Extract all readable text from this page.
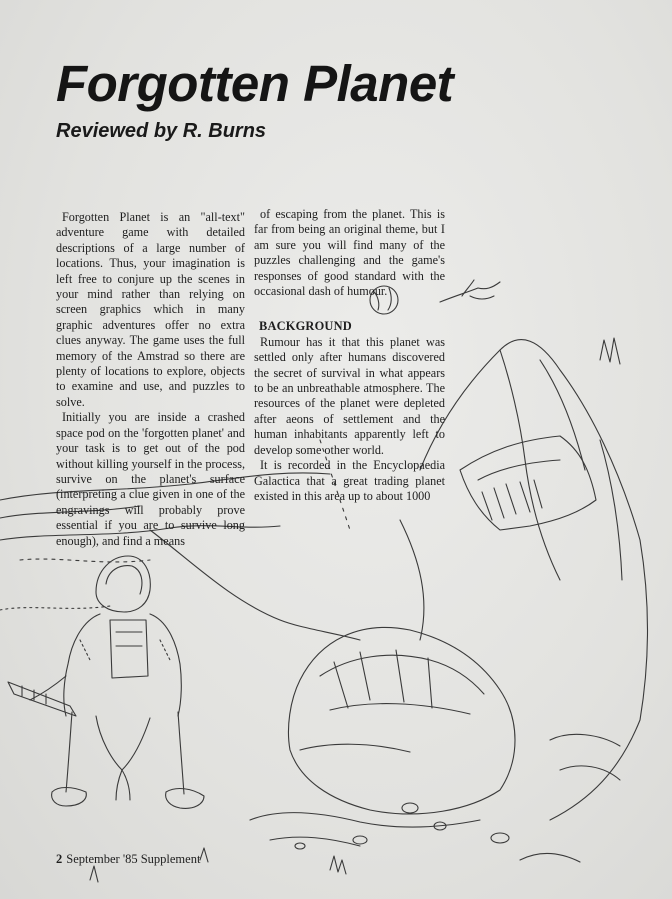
Forgotten Planet
Reviewed by R. Burns

Forgotten Planet is an "all-text" adventure game with detailed descriptions of a large number of locations. Thus, your imagination is left free to conjure up the scenes in your mind rather than relying on screen graphics which in many graphic adventures offer no extra clues anyway. The game uses the full memory of the Amstrad so there are plenty of locations to explore, objects to examine and use, and puzzles to solve.

Initially you are inside a crashed space pod on the 'forgotten planet' and your task is to get out of the pod without killing yourself in the process, survive on the planet's surface (interpreting a clue given in one of the engravings will probably prove essential if you are to survive long enough), and find a means

of escaping from the planet. This is far from being an original theme, but I am sure you will find many of the puzzles challenging and the game's responses of good standard with the occasional dash of humour.

BACKGROUND

Rumour has it that this planet was settled only after humans discovered the secret of survival in what appears to be an unbreathable atmosphere. The resources of the planet were depleted after aeons of settlement and the human inhabitants apparently left to develop some other world.

It is recorded in the Encyclopaedia Galactica that a great trading planet existed in this area up to about 1000

2 September '85 Supplement
